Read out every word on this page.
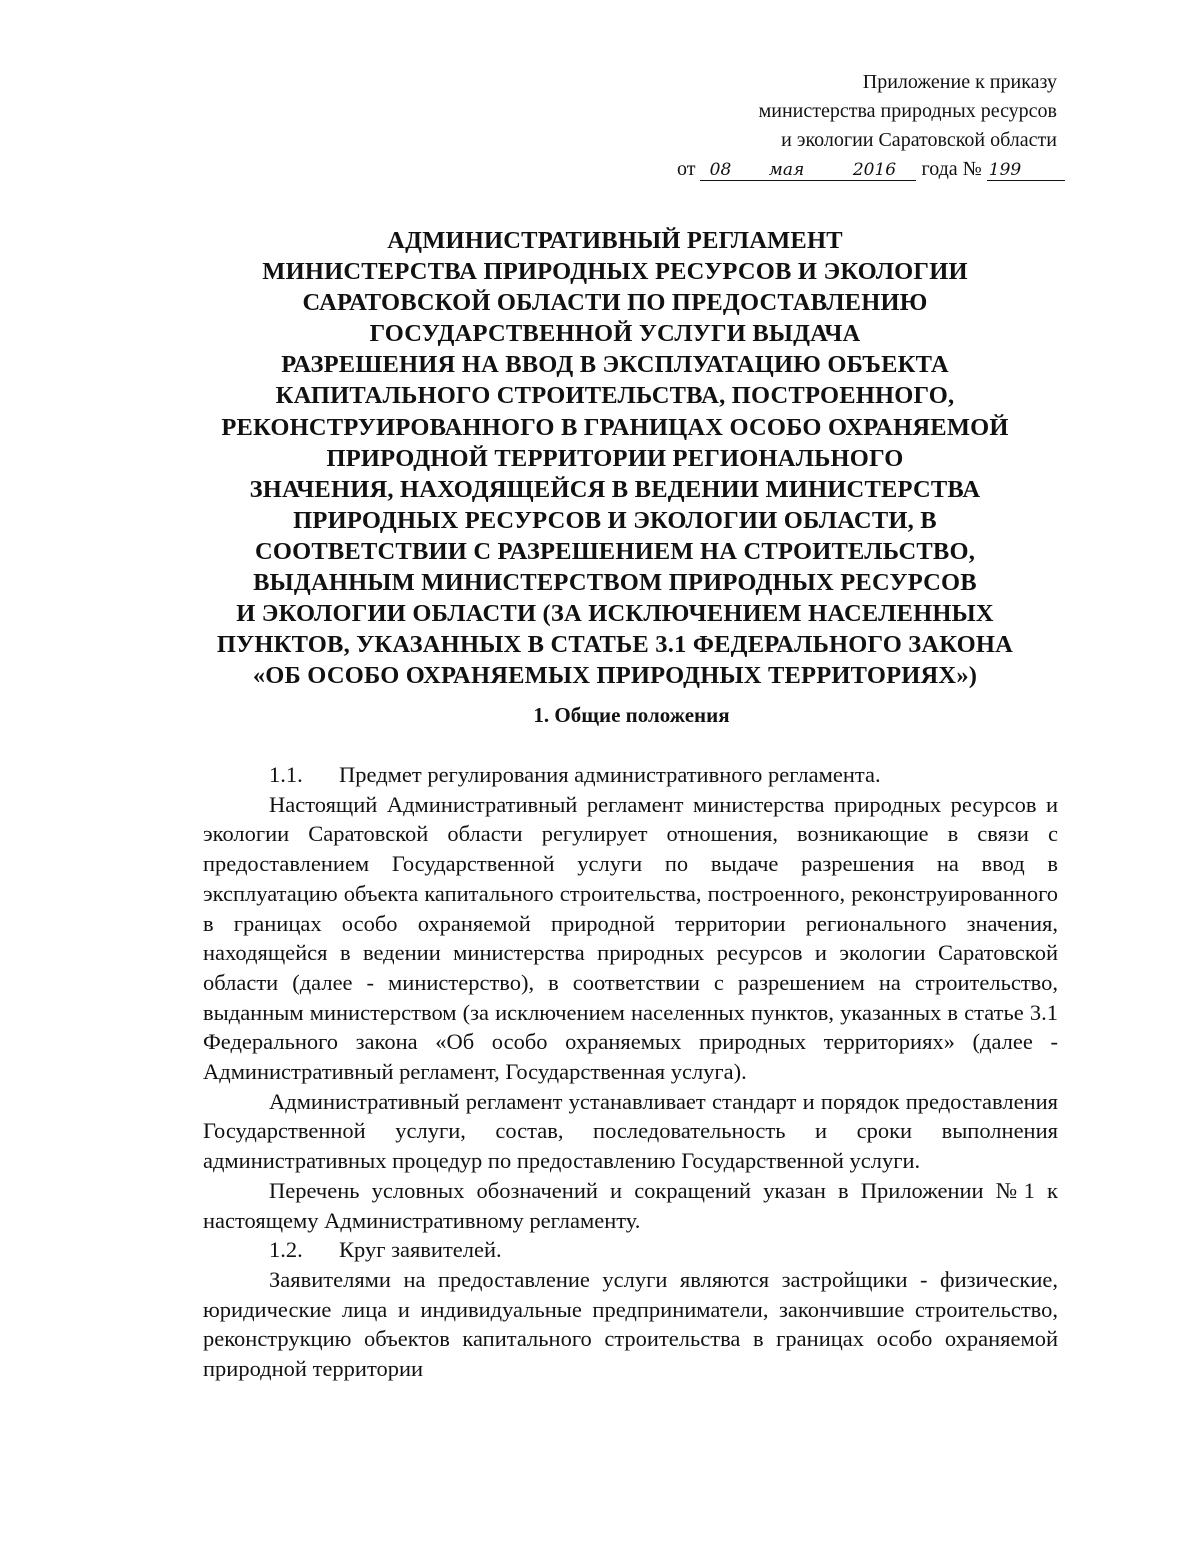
Приложение к приказу
министерства природных ресурсов
и экологии Саратовской области
от 08 мая	2016 года № 199
АДМИНИСТРАТИВНЫЙ РЕГЛАМЕНТ
МИНИСТЕРСТВА ПРИРОДНЫХ РЕСУРСОВ И ЭКОЛОГИИ
САРАТОВСКОЙ ОБЛАСТИ ПО ПРЕДОСТАВЛЕНИЮ
ГОСУДАРСТВЕННОЙ УСЛУГИ ВЫДАЧА
РАЗРЕШЕНИЯ НА ВВОД В ЭКСПЛУАТАЦИЮ ОБЪЕКТА
КАПИТАЛЬНОГО СТРОИТЕЛЬСТВА, ПОСТРОЕННОГО,
РЕКОНСТРУИРОВАННОГО В ГРАНИЦАХ ОСОБО ОХРАНЯЕМОЙ
ПРИРОДНОЙ ТЕРРИТОРИИ РЕГИОНАЛЬНОГО
ЗНАЧЕНИЯ, НАХОДЯЩЕЙСЯ В ВЕДЕНИИ МИНИСТЕРСТВА
ПРИРОДНЫХ РЕСУРСОВ И ЭКОЛОГИИ ОБЛАСТИ, В
СООТВЕТСТВИИ С РАЗРЕШЕНИЕМ НА СТРОИТЕЛЬСТВО,
ВЫДАННЫМ МИНИСТЕРСТВОМ ПРИРОДНЫХ РЕСУРСОВ
И ЭКОЛОГИИ ОБЛАСТИ (ЗА ИСКЛЮЧЕНИЕМ НАСЕЛЕННЫХ
ПУНКТОВ, УКАЗАННЫХ В СТАТЬЕ 3.1 ФЕДЕРАЛЬНОГО ЗАКОНА
«ОБ ОСОБО ОХРАНЯЕМЫХ ПРИРОДНЫХ ТЕРРИТОРИЯХ»)
1. Общие положения

1.1. Предмет регулирования административного регламента.

Настоящий Административный регламент министерства природных ресурсов и экологии Саратовской области регулирует отношения, возникающие в связи с предоставлением Государственной услуги по выдаче разрешения на ввод в эксплуатацию объекта капитального строительства, построенного, реконструированного в границах особо охраняемой природной территории регионального значения, находящейся в ведении министерства природных ресурсов и экологии Саратовской области (далее - министерство), в соответствии с разрешением на строительство, выданным министерством (за исключением населенных пунктов, указанных в статье 3.1 Федерального закона «Об особо охраняемых природных территориях» (далее - Административный регламент, Государственная услуга).

Административный регламент устанавливает стандарт и порядок предоставления Государственной услуги, состав, последовательность и сроки выполнения административных процедур по предоставлению Государственной услуги.

Перечень условных обозначений и сокращений указан в Приложении №1 к настоящему Административному регламенту.

1.2. Круг заявителей.

Заявителями на предоставление услуги являются застройщики - физические, юридические лица и индивидуальные предприниматели, закончившие строительство, реконструкцию объектов капитального строительства в границах особо охраняемой природной территории
